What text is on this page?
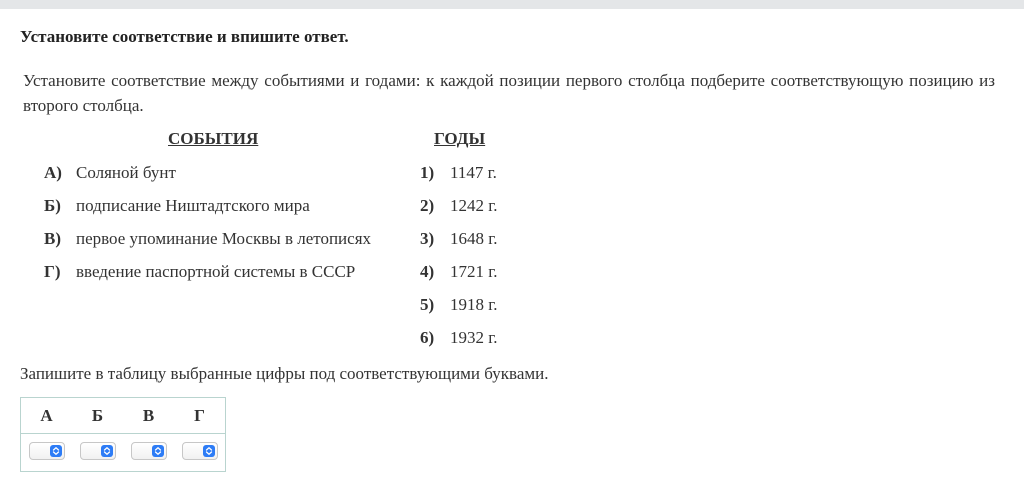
Установите соответствие и впишите ответ.
Установите соответствие между событиями и годами: к каждой позиции первого столбца подберите соответствующую позицию из второго столбца.
СОБЫТИЯ	ГОДЫ
А) Соляной бунт
Б) подписание Ништадтского мира
В) первое упоминание Москвы в летописях
Г) введение паспортной системы в СССР
1) 1147 г.
2) 1242 г.
3) 1648 г.
4) 1721 г.
5) 1918 г.
6) 1932 г.
Запишите в таблицу выбранные цифры под соответствующими буквами.
А	Б	В	Г
